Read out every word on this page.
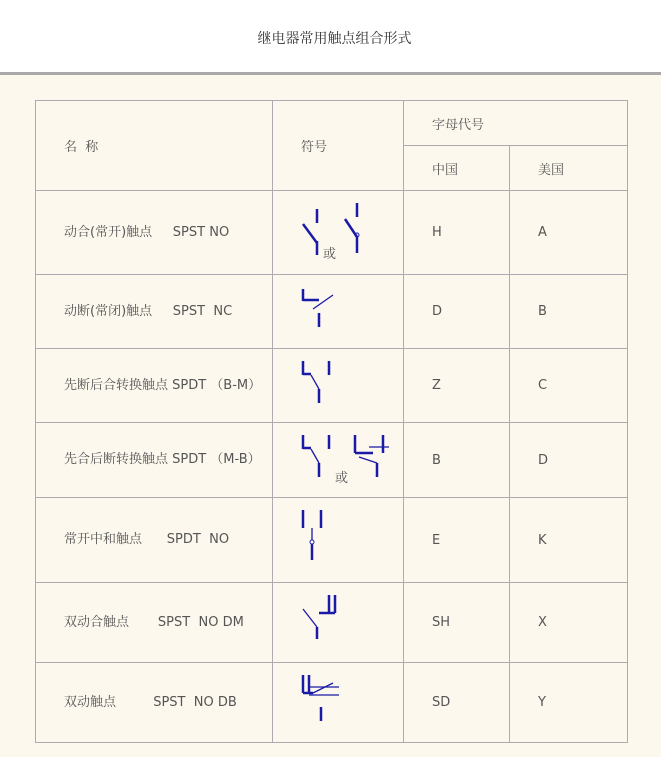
继电器常用触点组合形式
名  称	符号	字母代号	
		中国	美国
动合(常开)触点     SPST NO	或	H	A
动断(常闭)触点     SPST  NC		D	B
先断后合转换触点 SPDT （B-M）		Z	C
先合后断转换触点 SPDT （M-B）	或	B	D
常开中和触点      SPDT  NO		E	K
双动合触点       SPST  NO DM		SH	X
双动触点         SPST  NO DB		SD	Y
